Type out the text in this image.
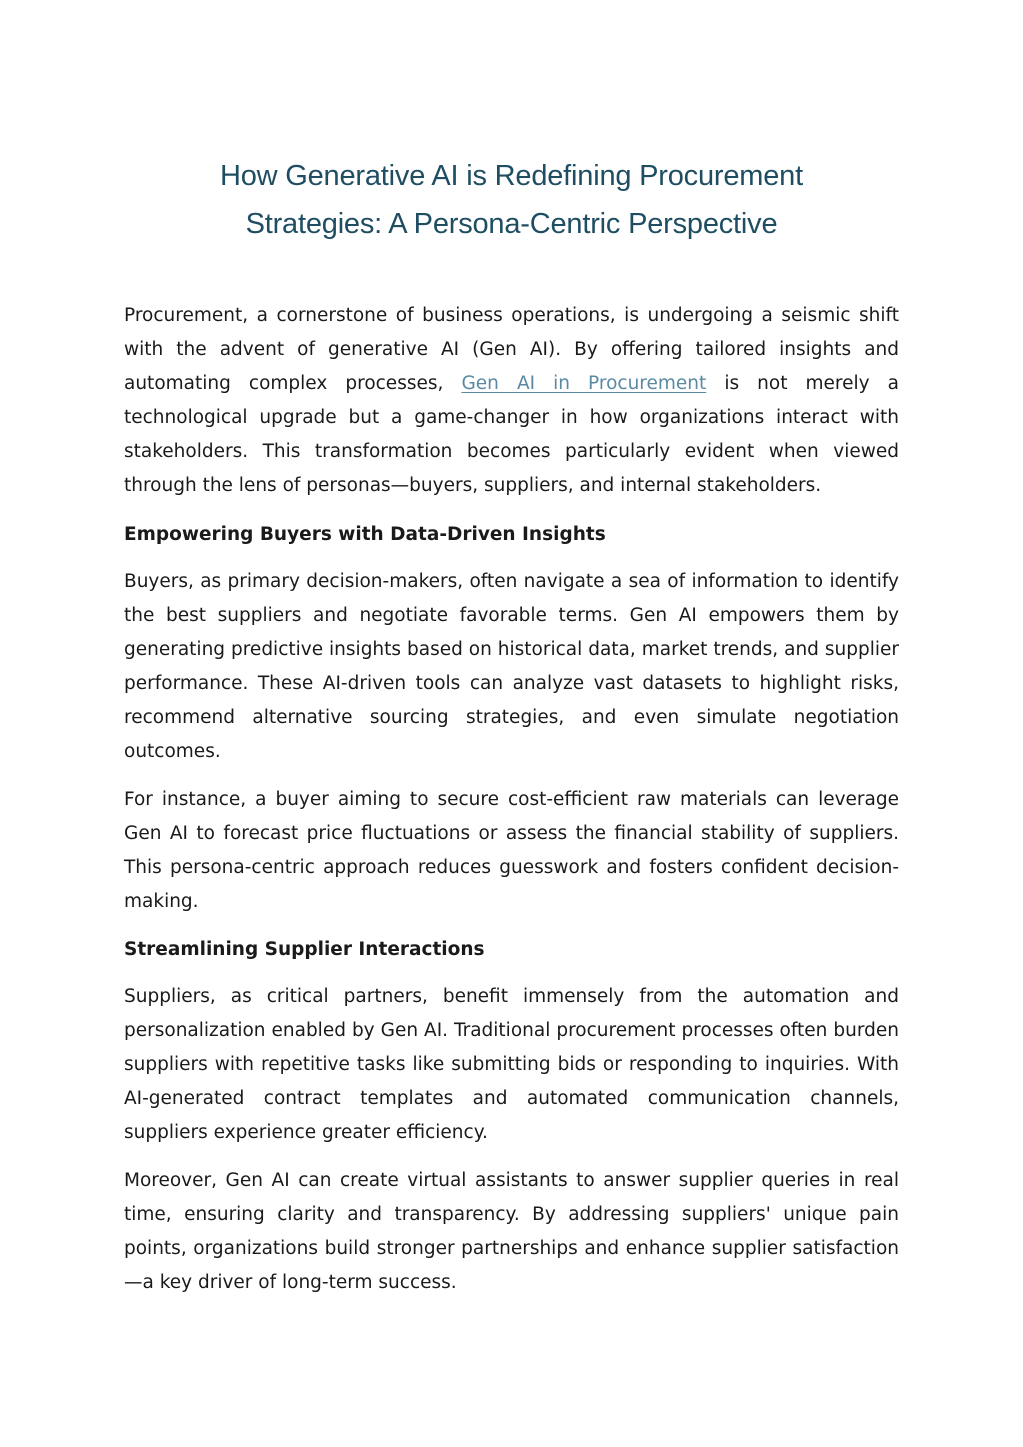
How Generative AI is Redefining Procurement
Strategies: A Persona-Centric Perspective

Procurement, a cornerstone of business operations, is undergoing a seismic shift with the advent of generative AI (Gen AI). By offering tailored insights and automating complex processes, Gen AI in Procurement is not merely a technological upgrade but a game-changer in how organizations interact with stakeholders. This transformation becomes particularly evident when viewed through the lens of personas—buyers, suppliers, and internal stakeholders.

Empowering Buyers with Data-Driven Insights

Buyers, as primary decision-makers, often navigate a sea of information to identify the best suppliers and negotiate favorable terms. Gen AI empowers them by generating predictive insights based on historical data, market trends, and supplier performance. These AI-driven tools can analyze vast datasets to highlight risks, recommend alternative sourcing strategies, and even simulate negotiation outcomes.

For instance, a buyer aiming to secure cost-efficient raw materials can leverage Gen AI to forecast price fluctuations or assess the financial stability of suppliers. This persona-centric approach reduces guesswork and fosters confident decision-making.

Streamlining Supplier Interactions

Suppliers, as critical partners, benefit immensely from the automation and personalization enabled by Gen AI. Traditional procurement processes often burden suppliers with repetitive tasks like submitting bids or responding to inquiries. With AI-generated contract templates and automated communication channels, suppliers experience greater efficiency.

Moreover, Gen AI can create virtual assistants to answer supplier queries in real time, ensuring clarity and transparency. By addressing suppliers' unique pain points, organizations build stronger partnerships and enhance supplier satisfaction—a key driver of long-term success.
